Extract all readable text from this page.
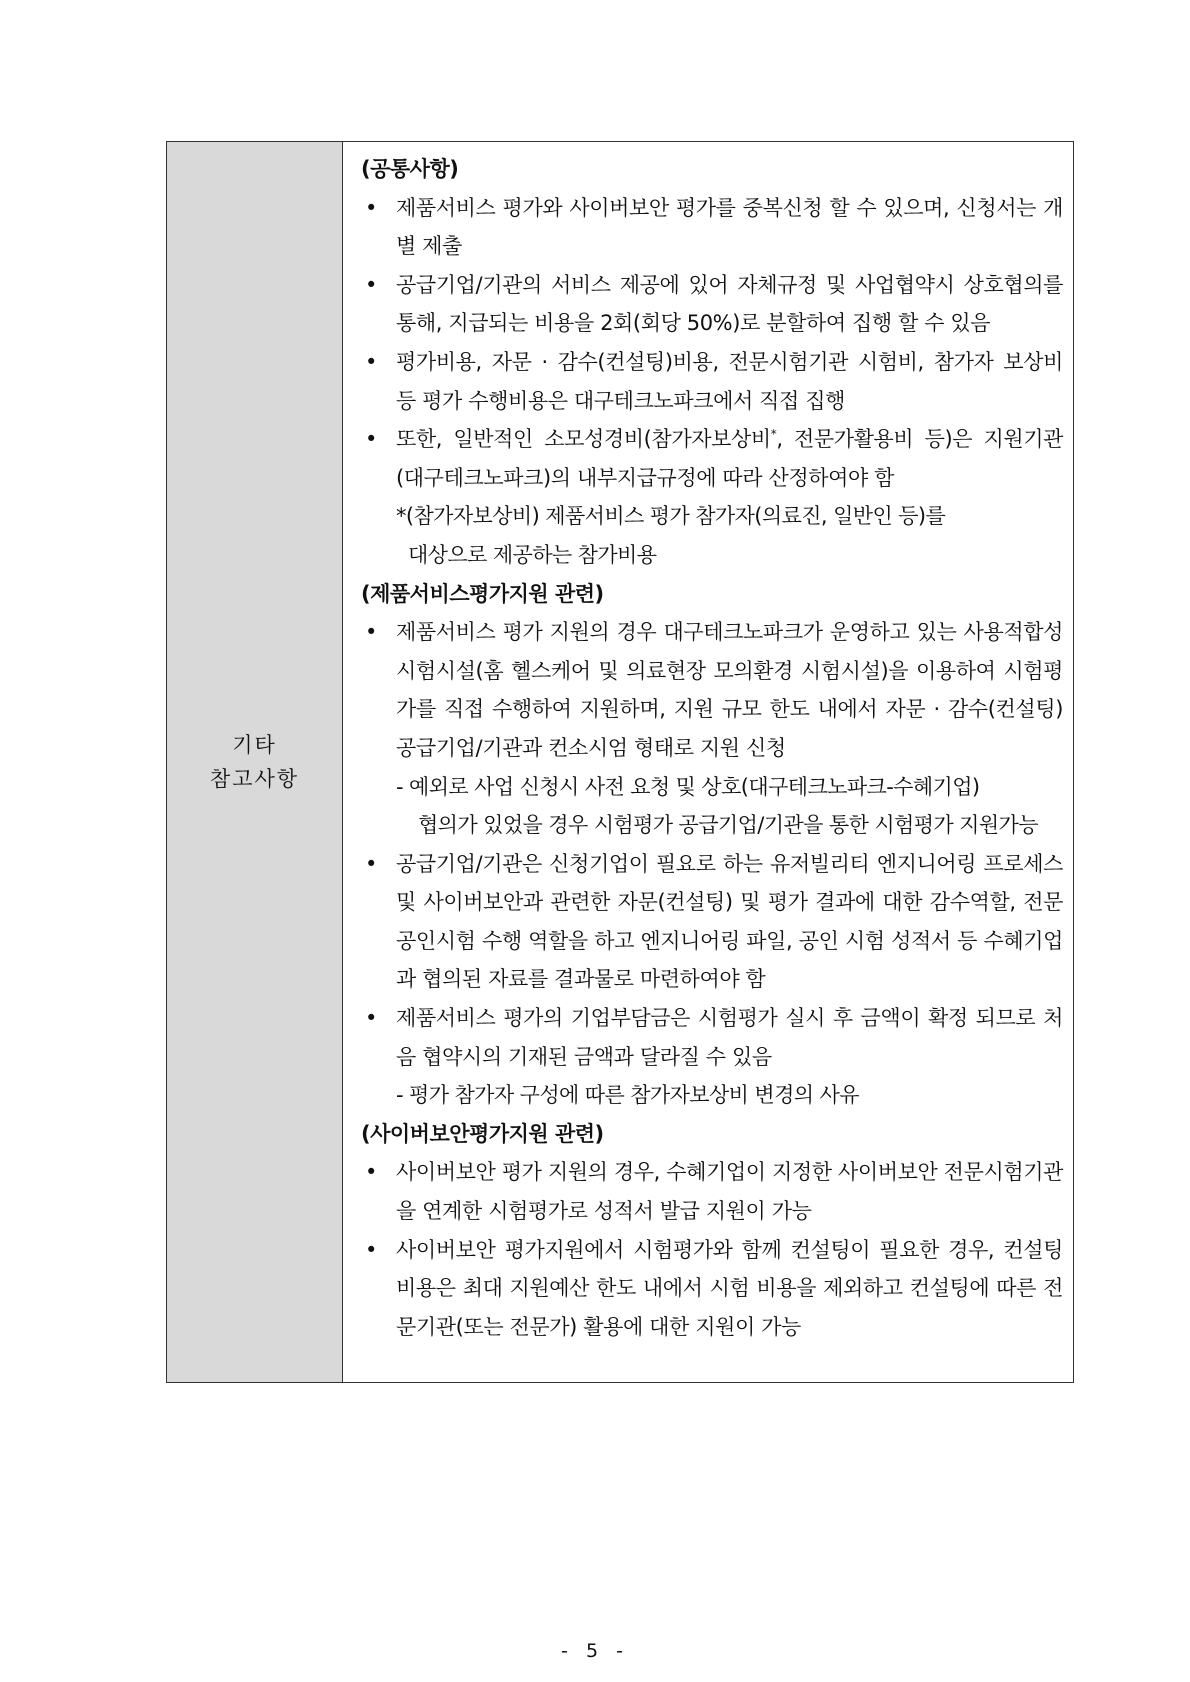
기타
참고사항
(공통사항)
• 제품서비스 평가와 사이버보안 평가를 중복신청 할 수 있으며, 신청서는 개별 제출
• 공급기업/기관의 서비스 제공에 있어 자체규정 및 사업협약시 상호협의를 통해, 지급되는 비용을 2회(회당 50%)로 분할하여 집행 할 수 있음
• 평가비용, 자문 · 감수(컨설팅)비용, 전문시험기관 시험비, 참가자 보상비 등 평가 수행비용은 대구테크노파크에서 직접 집행
• 또한, 일반적인 소모성경비(참가자보상비*, 전문가활용비 등)은 지원기관(대구테크노파크)의 내부지급규정에 따라 산정하여야 함
*(참가자보상비) 제품서비스 평가 참가자(의료진, 일반인 등)를
대상으로 제공하는 참가비용
(제품서비스평가지원 관련)
• 제품서비스 평가 지원의 경우 대구테크노파크가 운영하고 있는 사용적합성 시험시설(홈 헬스케어 및 의료현장 모의환경 시험시설)을 이용하여 시험평가를 직접 수행하여 지원하며, 지원 규모 한도 내에서 자문 · 감수(컨설팅) 공급기업/기관과 컨소시엄 형태로 지원 신청
- 예외로 사업 신청시 사전 요청 및 상호(대구테크노파크-수혜기업)
협의가 있었을 경우 시험평가 공급기업/기관을 통한 시험평가 지원가능
• 공급기업/기관은 신청기업이 필요로 하는 유저빌리티 엔지니어링 프로세스 및 사이버보안과 관련한 자문(컨설팅) 및 평가 결과에 대한 감수역할, 전문공인시험 수행 역할을 하고 엔지니어링 파일, 공인 시험 성적서 등 수혜기업과 협의된 자료를 결과물로 마련하여야 함
• 제품서비스 평가의 기업부담금은 시험평가 실시 후 금액이 확정 되므로 처음 협약시의 기재된 금액과 달라질 수 있음
- 평가 참가자 구성에 따른 참가자보상비 변경의 사유
(사이버보안평가지원 관련)
• 사이버보안 평가 지원의 경우, 수혜기업이 지정한 사이버보안 전문시험기관을 연계한 시험평가로 성적서 발급 지원이 가능
• 사이버보안 평가지원에서 시험평가와 함께 컨설팅이 필요한 경우, 컨설팅 비용은 최대 지원예산 한도 내에서 시험 비용을 제외하고 컨설팅에 따른 전문기관(또는 전문가) 활용에 대한 지원이 가능
- 5 -
